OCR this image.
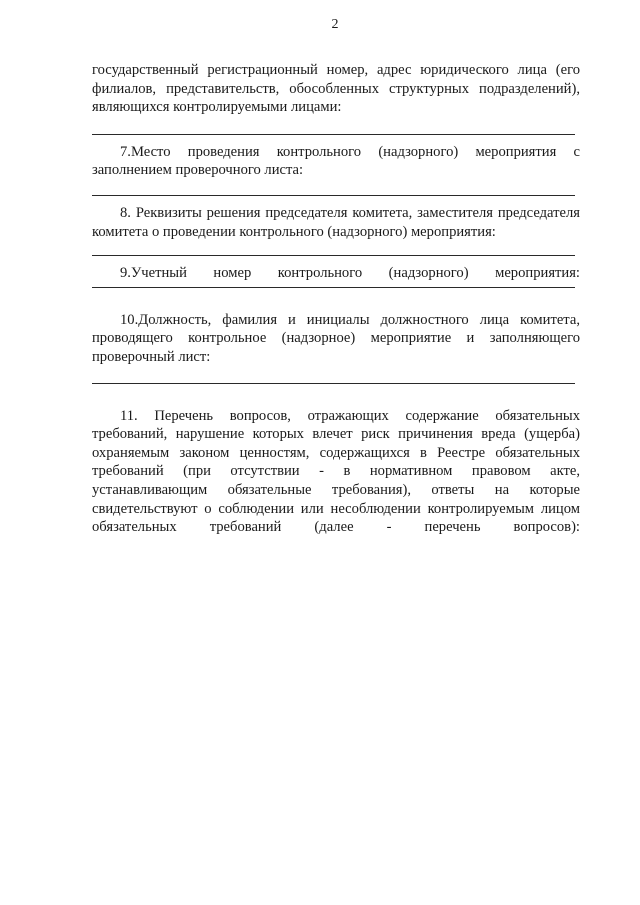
2

государственный регистрационный номер, адрес юридического лица (его филиалов, представительств, обособленных структурных подразделений), являющихся контролируемыми лицами:

7.Место проведения контрольного (надзорного) мероприятия с заполнением проверочного листа:

8. Реквизиты решения председателя комитета, заместителя председателя комитета о проведении контрольного (надзорного) мероприятия:

9.Учетный номер контрольного (надзорного) мероприятия:

10.Должность, фамилия и инициалы должностного лица комитета, проводящего контрольное (надзорное) мероприятие и заполняющего проверочный лист:

11. Перечень вопросов, отражающих содержание обязательных требований, нарушение которых влечет риск причинения вреда (ущерба) охраняемым законом ценностям, содержащихся в Реестре обязательных требований (при отсутствии - в нормативном правовом акте, устанавливающим обязательные требования), ответы на которые свидетельствуют о соблюдении или несоблюдении контролируемым лицом обязательных требований (далее - перечень вопросов):
